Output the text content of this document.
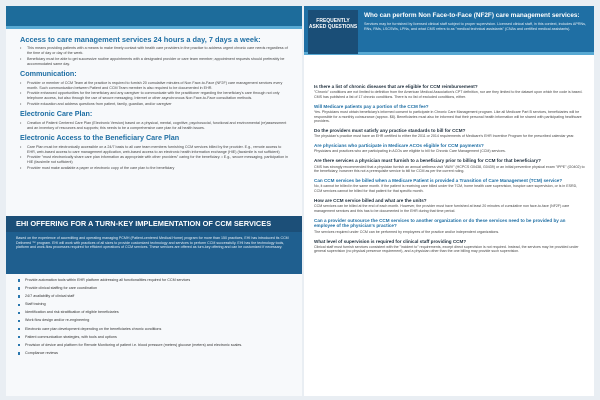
Access to care management services 24 hours a day, 7 days a week:
• This means providing patients with a means to make timely contact with health care providers in the practice to address urgent chronic care needs regardless of the time of day or day of the week.
• Beneficiary must be able to get successive routine appointments with a designated provider or care team member; appointment requests should preferably be accommodated same day.
Communication:
• Provider or member of CCM Team at the practice is required to furnish 20 cumulative minutes of Non Face-to-Face (NF2F) care management services every month. Such communication between Patient and CCM Team member is also required to be documented in EHR.
• Provide enhanced opportunities for the beneficiary and any caregiver to communicate with the practitioner regarding the beneficiary's care through not only telephone access, but also through the use of secure messaging, Internet or other asynchronous Non Face-to-Face consultation methods.
• Provide education and address questions from patient, family, guardian, and/or caregiver
Electronic Care Plan:
• Creation of Patient Centered Care Plan (Electronic Version) based on a physical, mental, cognitive, psychosocial, functional and environmental (re)assessment and an inventory of resources and supports; this needs to be a comprehensive care plan for all health issues.
Electronic Access to the Beneficiary Care Plan
• Care Plan must be electronically accessible on a 24/7 basis to all care team members furnishing CCM services billed by the provider. E.g., remote access to EHR, web-based access to care management application, web-based access to an electronic health information exchange (HIE) (facsimile is not sufficient)
• Provider "must electronically share care plan information as appropriate with other providers" caring for the beneficiary. • E.g., secure messaging, participation in HIE (facsimile not sufficient)
• Provider must make available a paper or electronic copy of the care plan to the beneficiary
EHI OFFERING FOR A TURN-KEY IMPLEMENTATION OF CCM SERVICES
Based on the experience of accrediting and operating managing PCMH (Patient-centered Medical Home) program for more than 150 practices, EHI has introduced its CCM Delivered ™ program. EHI will work with practices of all sizes to provide customized technology and services to perform CCM successfully. EHI has the technology tools, platform and work-flow processes required for efficient operations of CCM services. These services are offered as turn-key offering and can be customized if necessary.
Provide automation tools within EHR platform addressing all functionalities required for CCM services
Provide clinical staffing for care coordination
24/7 availability of clinical staff
Staff training
Identification and risk stratification of eligible beneficiaries
Work flow design and/or re-engineering
Electronic care plan development depending on the beneficiaries chronic conditions
Patient communication strategies, with tools and options
Provision of device and platform for Remote Monitoring of patient i.e. blood pressure (meters) glucose (meters) and electronic scales.
Compliance reviews
FREQUENTLY ASKED QUESTIONS
Who can perform Non Face-to-Face (NF2F) care management services:
Services may be furnished by licensed clinical staff subject to proper supervision. Licensed clinical staff, in this context, includes APRNs, RNs, RMs, LSCSWs, LPNs, and what CMS refers to as "medical technical assistants" (CNAs and certified medical assistants).
Is there a list of chronic diseases that are eligible for CCM reimbursement?
"Chronic" conditions are not limited to definition from the American Medical Association's CPT definition, nor are they limited to the dataset upon which the code is based. CMS has published a list of 17 chronic conditions. There is no list of excluded conditions, either.
Will Medicare patients pay a portion of the CCM fee?
Yes. Physicians must obtain beneficiary's informed consent to participate in Chronic Care Management program. Like all Medicare Part B services, beneficiaries will be responsible for a monthly coinsurance (approx. $8). Beneficiaries must also be informed that their personal health information will be shared with participating healthcare providers.
Do the providers must satisfy any practice standards to bill for CCM?
The physician's practice must have an EHR certified to either the 2011 or 2014 requirements of Medicare's EHR Incentive Program for the prescribed calendar year.
Are physicians who participate in Medicare ACOs eligible for CCM payments?
Physicians and practices who are participating in ACOs are eligible to bill for Chronic Care Management (CCM) services.
Are there services a physician must furnish to a beneficiary prior to billing for CCM for that beneficiary?
CMS has strongly recommended that a physician furnish an annual wellness visit "AWV" (HCPCS G0438, G0439) or an initial preventive physical exam "IPPE" (G0402) to the beneficiary; however this not a prerequisite service to bill for CCM as per the current ruling.
Can CCM services be billed when a Medicare Patient is provided a Transition of Care Management (TCM) service?
No, it cannot be billed in the same month. If the patient is receiving care billed under the TCM, home health care supervision, hospice care supervision, or is in ESRD, CCM services cannot be billed for that patient for that specific month.
How are CCM service billed and what are the units?
CCM services can be billed at the end of each month. However, the provider must have furnished at least 20 minutes of cumulative non face-to-face (NF2F) care management services and this has to be documented in the EHR during that time period.
Can a provider outsource the CCM services to another organization or do these services need to be provided by an employee of the physician's practice?
The services required under CCM can be performed by employees of the practice and/or independent organizations.
What level of supervision is required for clinical staff providing CCM?
Clinical staff must furnish services consistent with the "incident to" requirements, except direct supervision is not required. Instead, the services may be provided under general supervision (no physical presence requirement), and a physician other than the one billing may provide such supervision.
